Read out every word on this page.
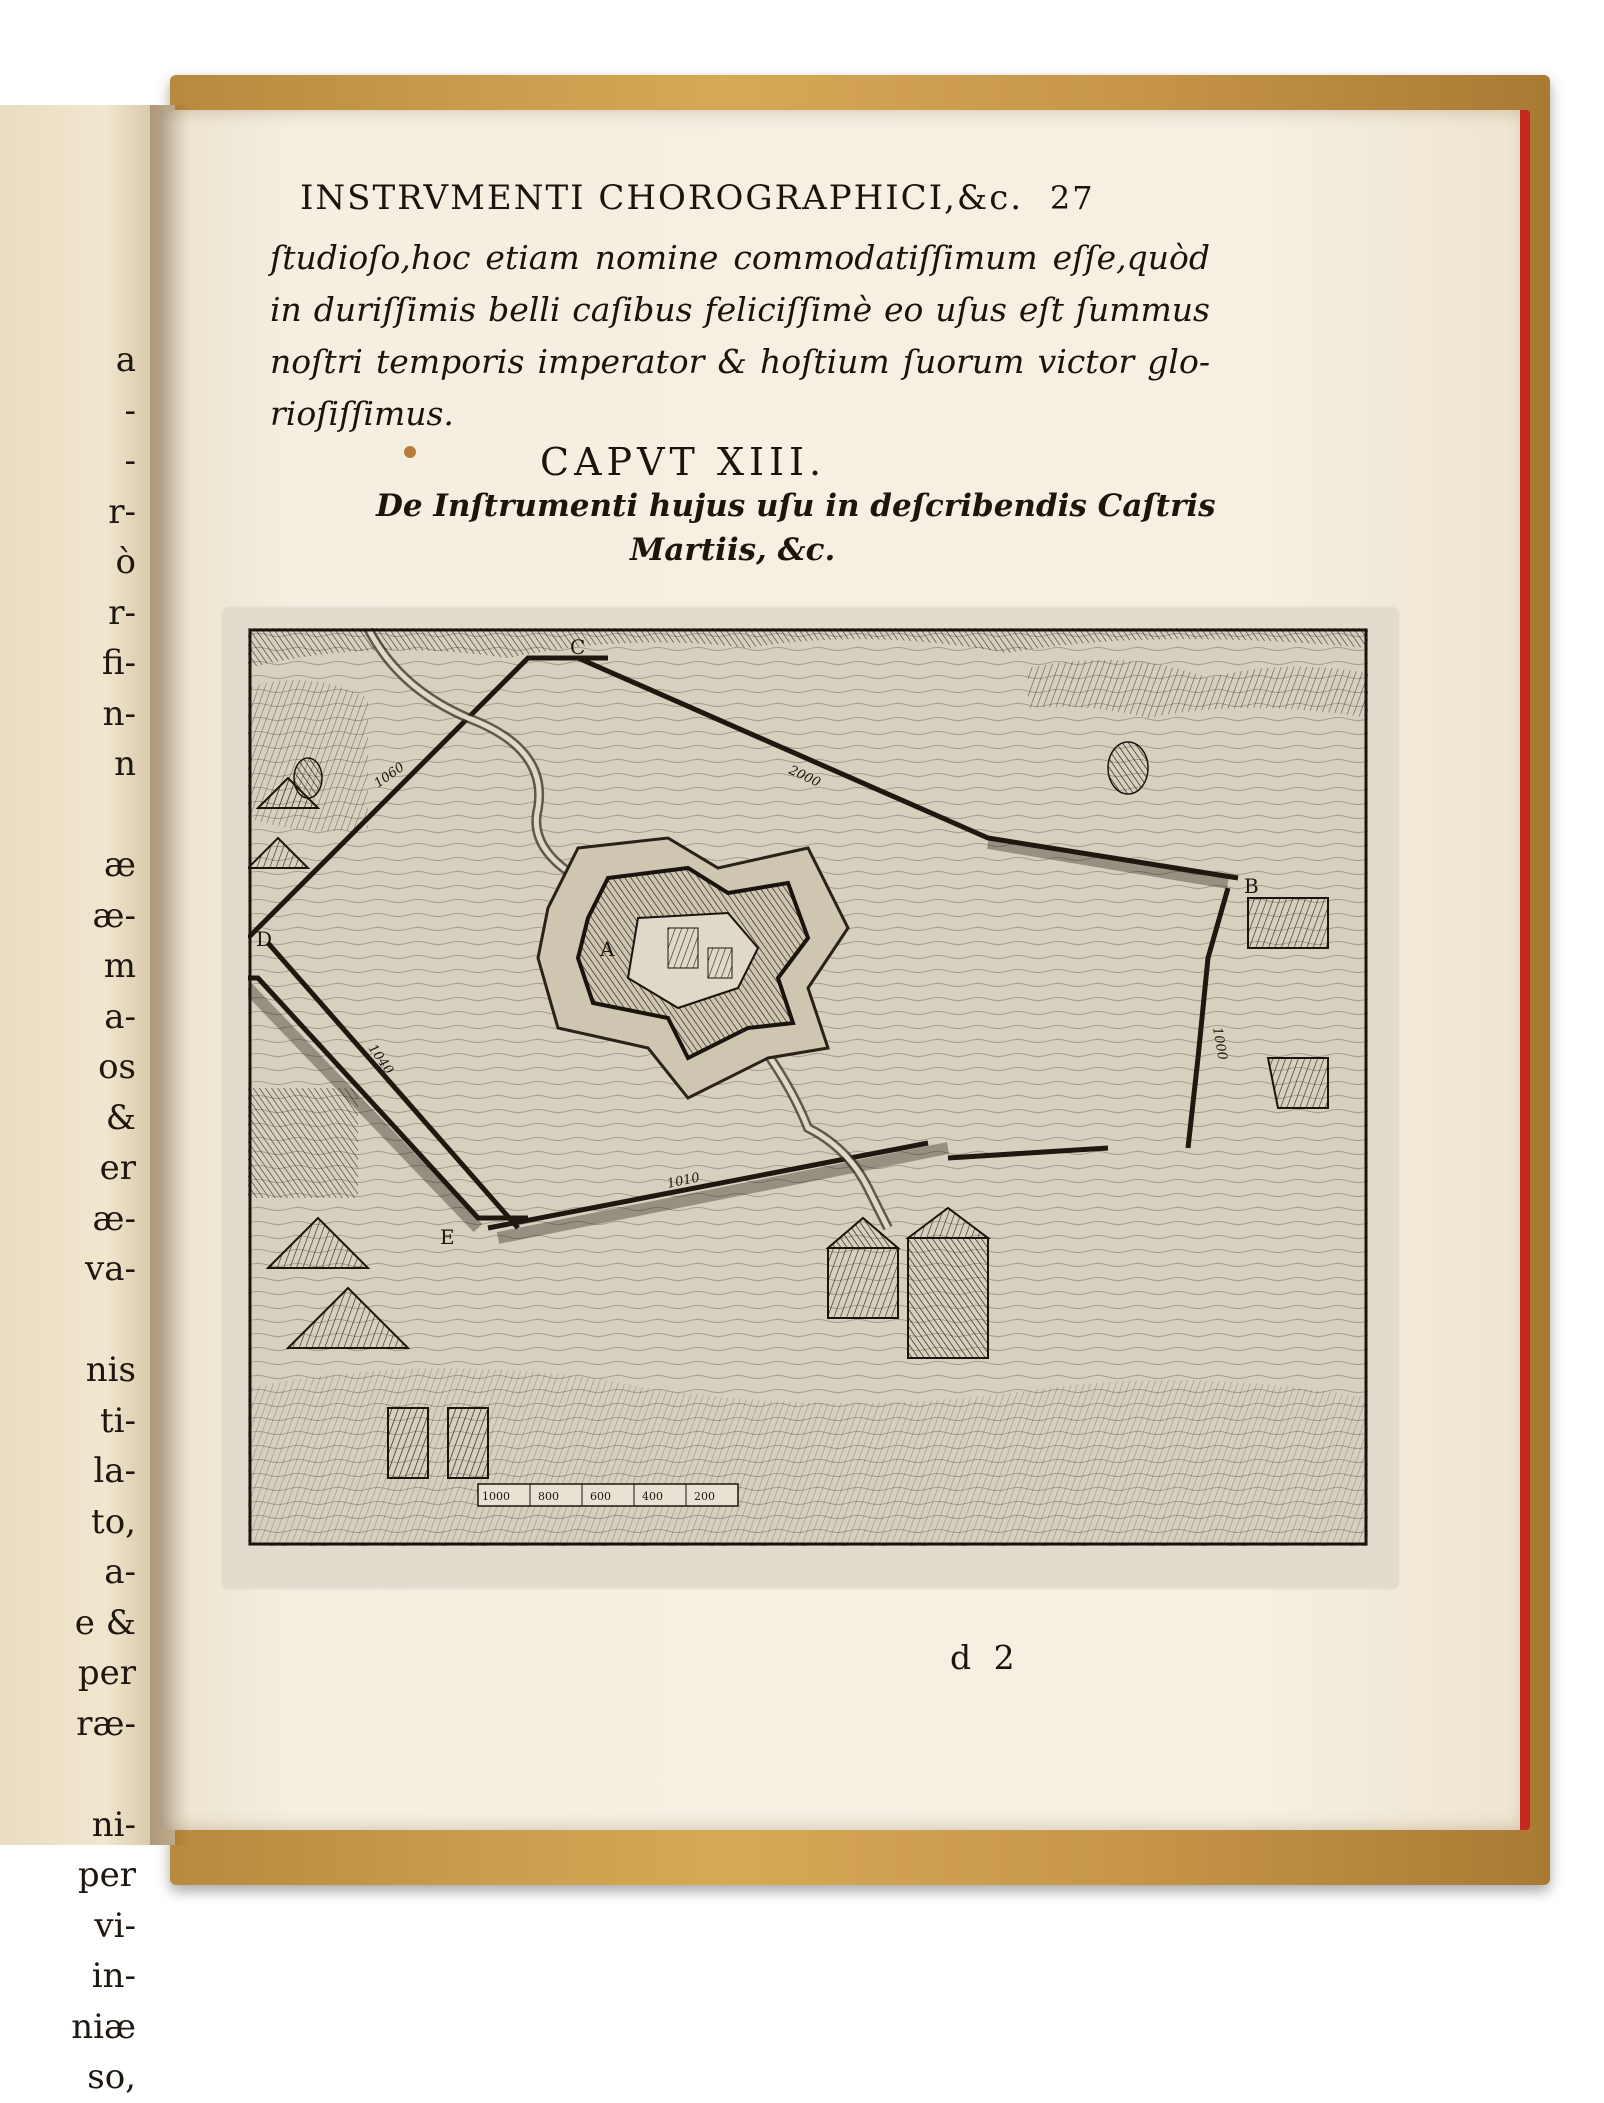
a
-
-
r-
ò
r-
fi-
n-
n
æ
æ-
m
a-
os
&
er
æ-
va-
nis
ti-
la-
to,
a-
e &
per
ræ-
ni-
per
vi-
in-
niæ
so,
INSTRVMENTI CHOROGRAPHICI,&c. 27
ſtudioſo,hoc etiam nomine commodatiſſimum eſſe,quòd
in duriſſimis belli caſibus feliciſſimè eo uſus eſt ſummus
noſtri temporis imperator & hoſtium ſuorum victor glo-
rioſiſſimus.
CAPVT XIII.
De Inſtrumenti hujus uſu in deſcribendis Caſtris
Martiis, &c.
C
B
D
E
A
1060	2000
1000
1040
1010
1000	800	600	400	200
d 2
